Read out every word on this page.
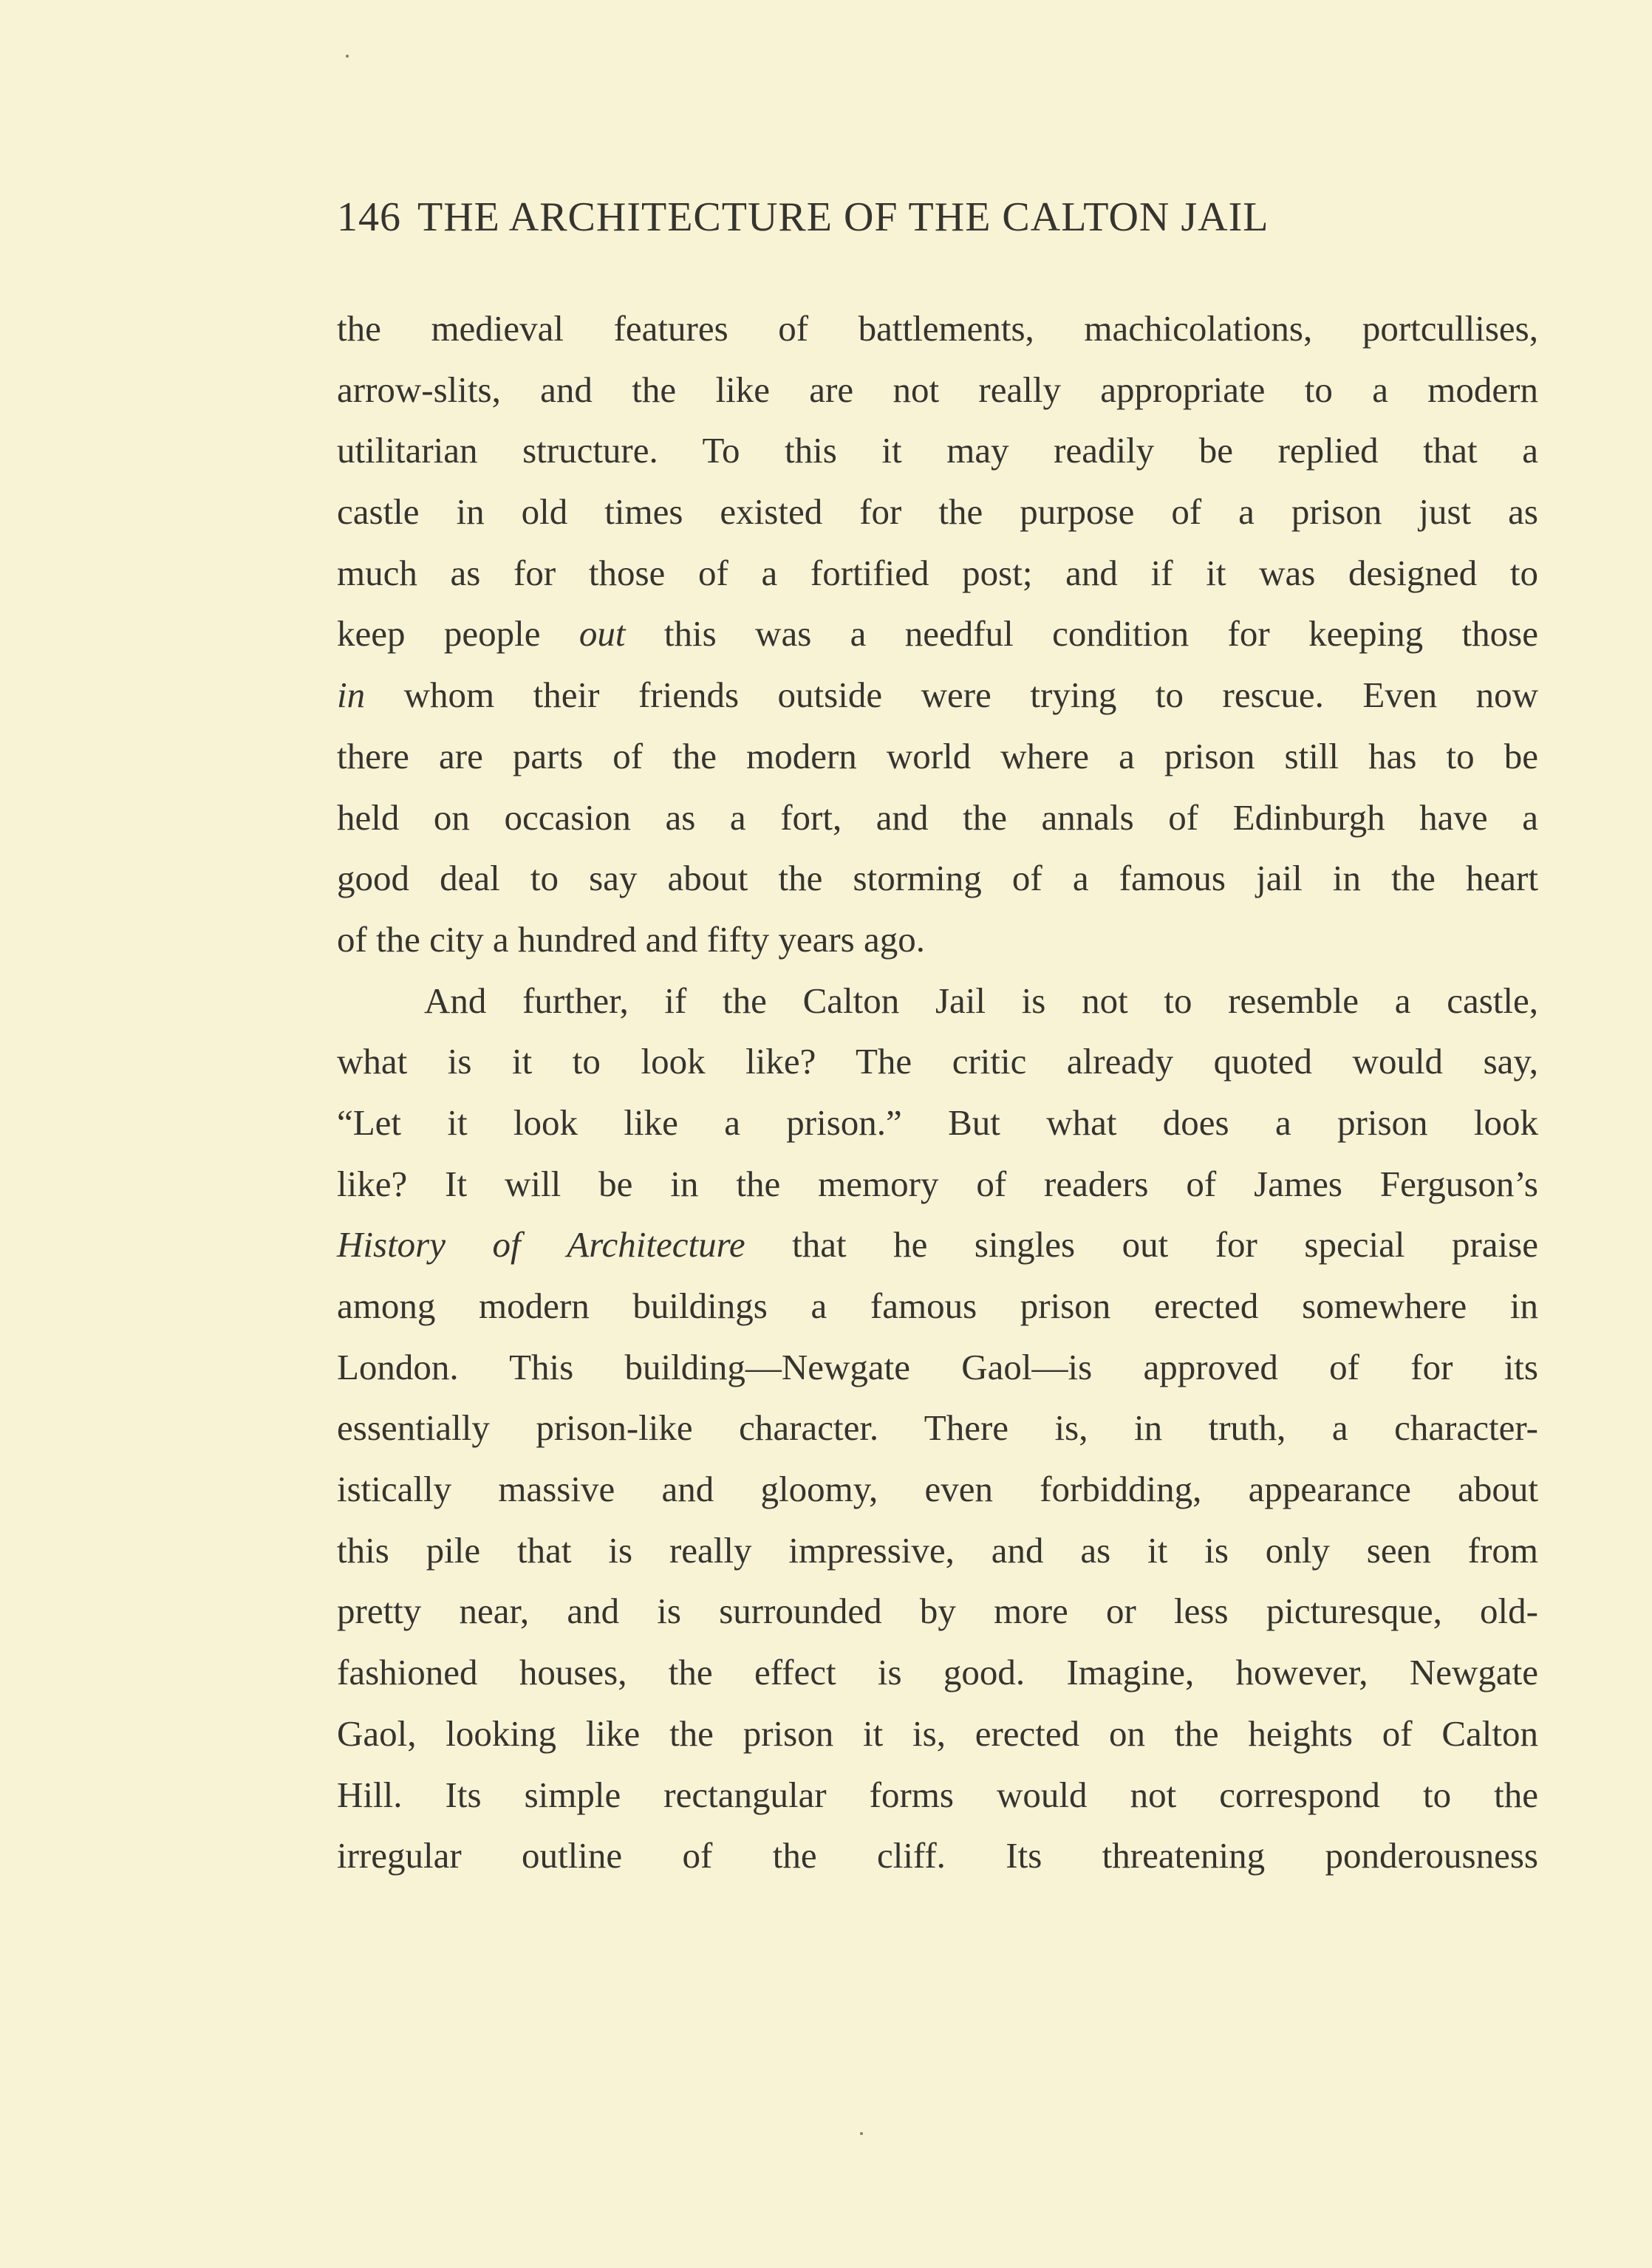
146 THE ARCHITECTURE OF THE CALTON JAIL
the medieval features of battlements, machicolations, portcullises,
arrow-slits, and the like are not really appropriate to a modern
utilitarian structure. To this it may readily be replied that a
castle in old times existed for the purpose of a prison just as
much as for those of a fortified post; and if it was designed to
keep people out this was a needful condition for keeping those
in whom their friends outside were trying to rescue. Even now
there are parts of the modern world where a prison still has to be
held on occasion as a fort, and the annals of Edinburgh have a
good deal to say about the storming of a famous jail in the heart
of the city a hundred and fifty years ago.
And further, if the Calton Jail is not to resemble a castle,
what is it to look like? The critic already quoted would say,
“Let it look like a prison.” But what does a prison look
like? It will be in the memory of readers of James Ferguson’s
History of Architecture that he singles out for special praise
among modern buildings a famous prison erected somewhere in
London. This building—Newgate Gaol—is approved of for its
essentially prison-like character. There is, in truth, a character-
istically massive and gloomy, even forbidding, appearance about
this pile that is really impressive, and as it is only seen from
pretty near, and is surrounded by more or less picturesque, old-
fashioned houses, the effect is good. Imagine, however, Newgate
Gaol, looking like the prison it is, erected on the heights of Calton
Hill. Its simple rectangular forms would not correspond to the
irregular outline of the cliff. Its threatening ponderousness
